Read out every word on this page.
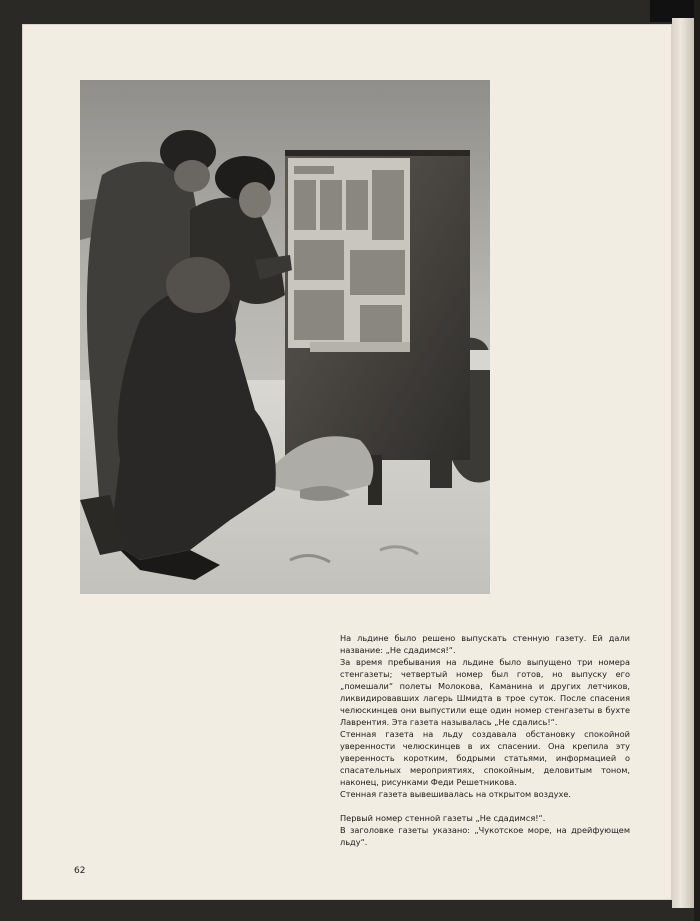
На льдине было решено выпускать стенную газету. Ей дали название: „Не сдадимся!“.

За время пребывания на льдине было выпущено три номера стенгазеты; четвертый номер был готов, но выпуску его „помешали“ полеты Молокова, Каманина и других летчиков, ликвидировавших лагерь Шмидта в трое суток. После спасения челюскинцев они выпустили еще один номер стенгазеты в бухте Лаврентия. Эта газета называлась „Не сдались!“.

Стенная газета на льду создавала обстановку спокойной уверенности челюскинцев в их спасении. Она крепила эту уверенность коротким, бодрыми статьями, информацией о спасательных мероприятиях, спокойным, деловитым тоном, наконец, рисунками Феди Решетникова.

Стенная газета вывешивалась на открытом воздухе.

Первый номер стенной газеты „Не сдадимся!“.

В заголовке газеты указано: „Чукотское море, на дрейфующем льду“.

62
